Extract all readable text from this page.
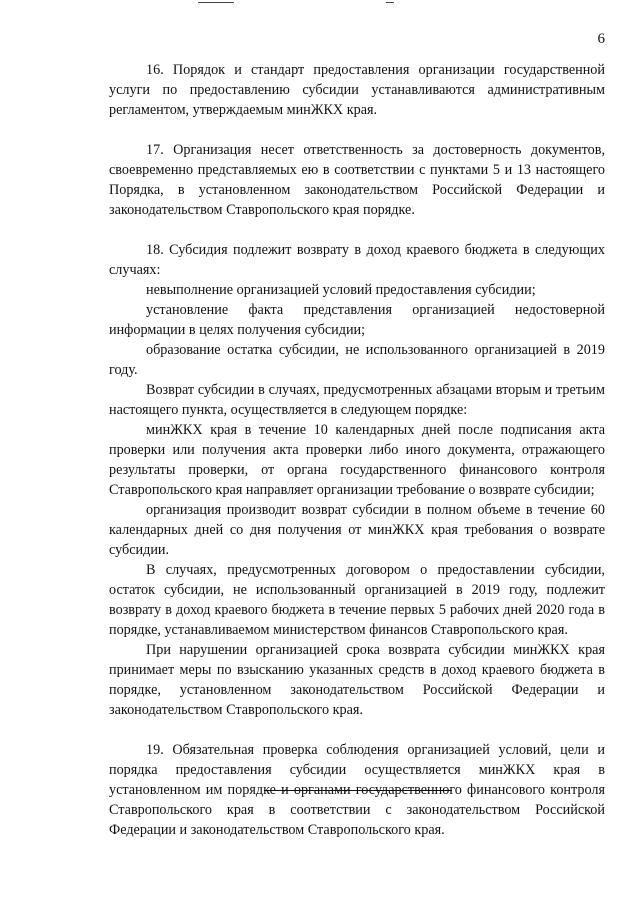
6

16. Порядок и стандарт предоставления организации государственной услуги по предоставлению субсидии устанавливаются административным регламентом, утверждаемым минЖКХ края.

17. Организация несет ответственность за достоверность документов, своевременно представляемых ею в соответствии с пунктами 5 и 13 настоящего Порядка, в установленном законодательством Российской Федерации и законодательством Ставропольского края порядке.

18. Субсидия подлежит возврату в доход краевого бюджета в следующих случаях:

невыполнение организацией условий предоставления субсидии;

установление факта представления организацией недостоверной информации в целях получения субсидии;

образование остатка субсидии, не использованного организацией в 2019 году.

Возврат субсидии в случаях, предусмотренных абзацами вторым и третьим настоящего пункта, осуществляется в следующем порядке:

минЖКХ края в течение 10 календарных дней после подписания акта проверки или получения акта проверки либо иного документа, отражающего результаты проверки, от органа государственного финансового контроля Ставропольского края направляет организации требование о возврате субсидии;

организация производит возврат субсидии в полном объеме в течение 60 календарных дней со дня получения от минЖКХ края требования о возврате субсидии.

В случаях, предусмотренных договором о предоставлении субсидии, остаток субсидии, не использованный организацией в 2019 году, подлежит возврату в доход краевого бюджета в течение первых 5 рабочих дней 2020 года в порядке, устанавливаемом министерством финансов Ставропольского края.

При нарушении организацией срока возврата субсидии минЖКХ края принимает меры по взысканию указанных средств в доход краевого бюджета в порядке, установленном законодательством Российской Федерации и законодательством Ставропольского края.

19. Обязательная проверка соблюдения организацией условий, цели и порядка предоставления субсидии осуществляется минЖКХ края в установленном им порядке и органами государственного финансового контроля Ставропольского края в соответствии с законодательством Российской Федерации и законодательством Ставропольского края.
